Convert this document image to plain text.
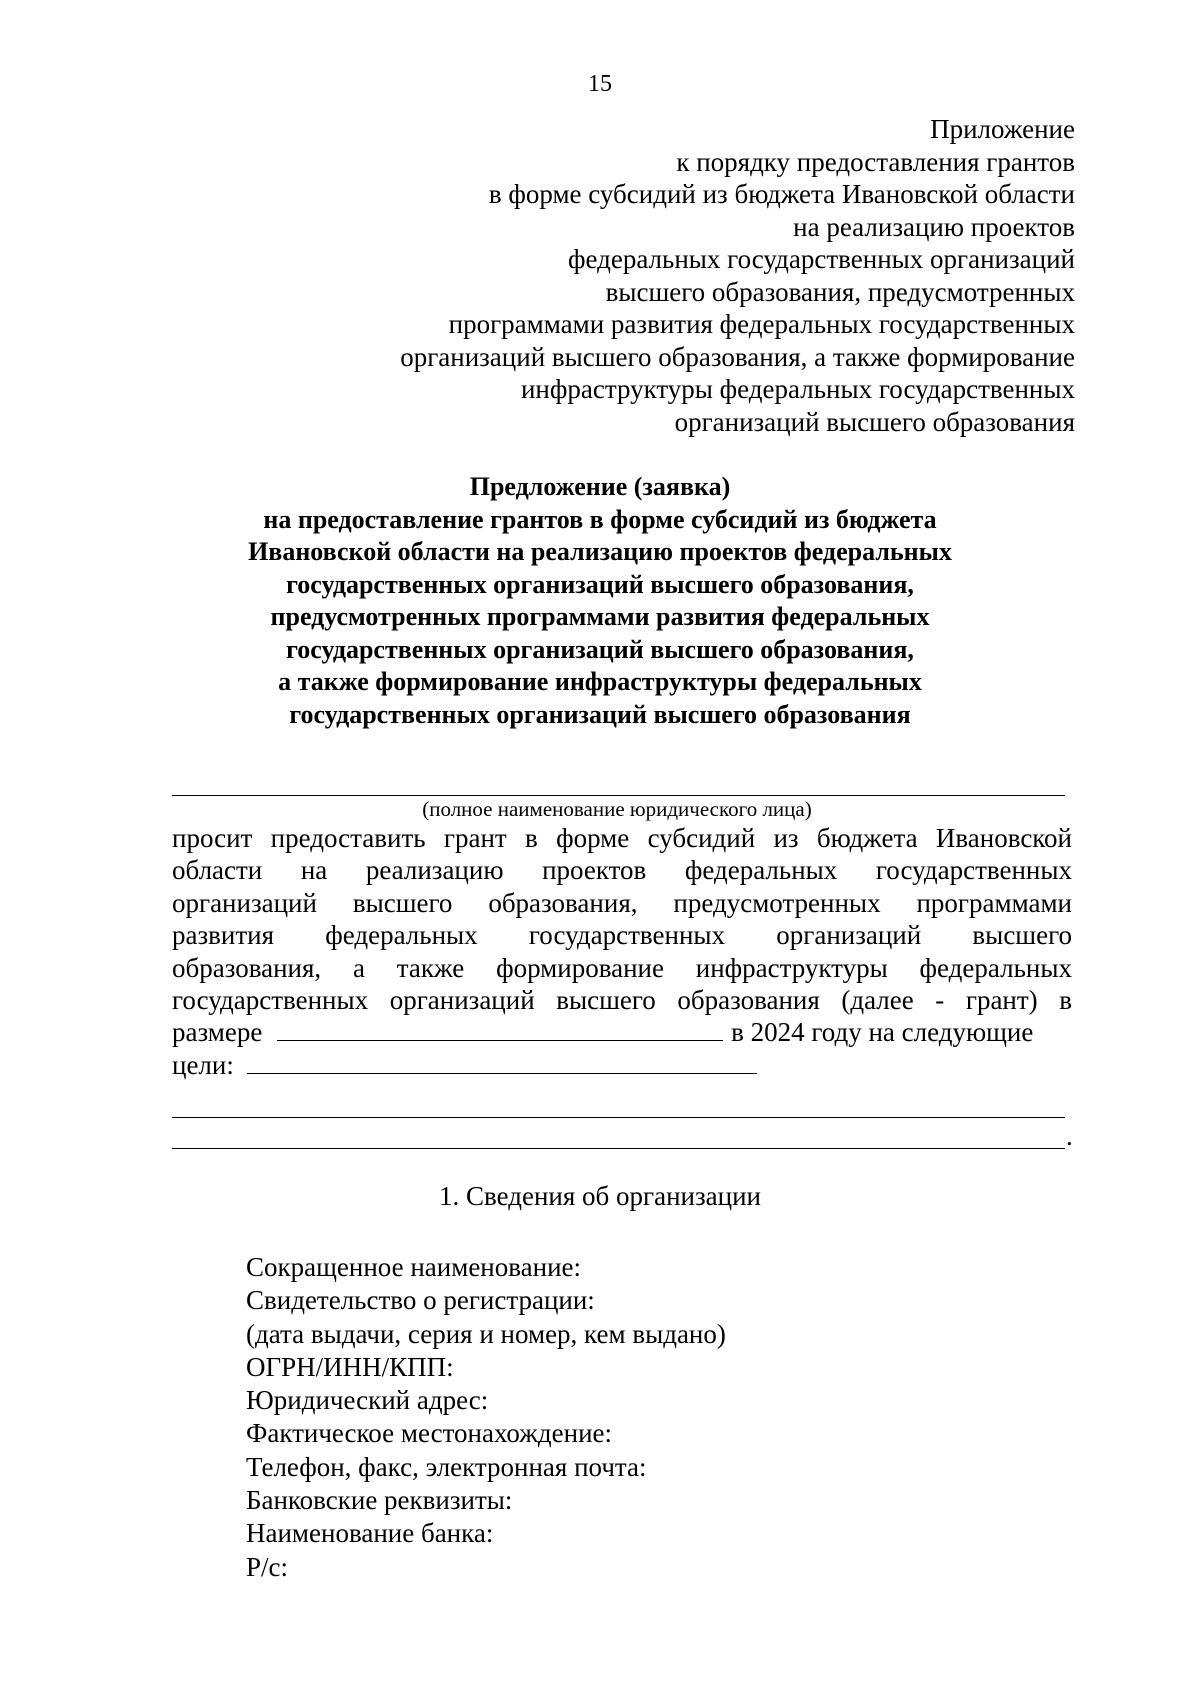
15
Приложение
к порядку предоставления грантов
в форме субсидий из бюджета Ивановской области
на реализацию проектов
федеральных государственных организаций
высшего образования, предусмотренных
программами развития федеральных государственных
организаций высшего образования, а также формирование
инфраструктуры федеральных государственных
организаций высшего образования
Предложение (заявка)
на предоставление грантов в форме субсидий из бюджета
Ивановской области на реализацию проектов федеральных
государственных организаций высшего образования,
предусмотренных программами развития федеральных
государственных организаций высшего образования,
а также формирование инфраструктуры федеральных
государственных организаций высшего образования
(полное наименование юридического лица)
просит предоставить грант в форме субсидий из бюджета Ивановской
области на реализацию проектов федеральных государственных
организаций высшего образования, предусмотренных программами
развития федеральных государственных организаций высшего
образования, а также формирование инфраструктуры федеральных
государственных организаций высшего образования (далее - грант) в
размере	в 2024 году на следующие
цели:
.
1. Сведения об организации
Сокращенное наименование:
Свидетельство о регистрации:
(дата выдачи, серия и номер, кем выдано)
ОГРН/ИНН/КПП:
Юридический адрес:
Фактическое местонахождение:
Телефон, факс, электронная почта:
Банковские реквизиты:
Наименование банка:
Р/с:
